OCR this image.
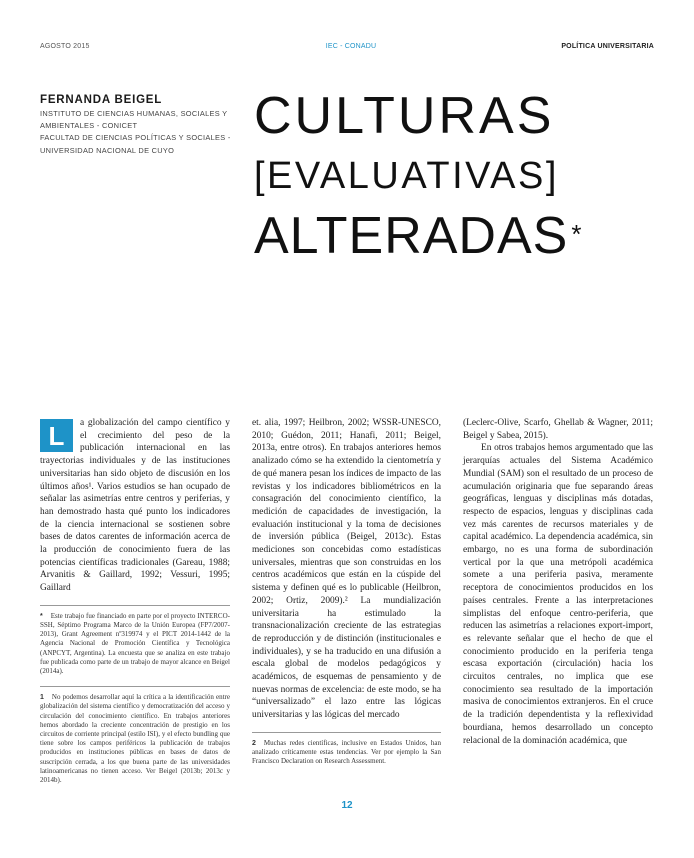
AGOSTO 2015	IEC - CONADU	POLÍTICA UNIVERSITARIA
FERNANDA BEIGEL
INSTITUTO DE CIENCIAS HUMANAS, SOCIALES Y
AMBIENTALES - CONICET
FACULTAD DE CIENCIAS POLÍTICAS Y SOCIALES -
UNIVERSIDAD NACIONAL DE CUYO
CULTURAS
[EVALUATIVAS]
ALTERADAS *

L	a globalización del campo científico y el crecimiento del peso de la publicación internacional en las trayectorias individuales y de las instituciones universitarias han sido objeto de discusión en los últimos años¹. Varios estudios se han ocupado de señalar las asimetrías entre centros y periferias, y han demostrado hasta qué punto los indicadores de la ciencia internacional se sostienen sobre bases de datos carentes de información acerca de la producción de conocimiento fuera de las potencias científicas tradicionales (Gareau, 1988; Arvanitis & Gaillard, 1992; Vessuri, 1995; Gaillard

* Este trabajo fue financiado en parte por el proyecto INTERCO-SSH, Séptimo Programa Marco de la Unión Europea (FP7/2007-2013), Grant Agreement nº319974 y el PICT 2014-1442 de la Agencia Nacional de Promoción Científica y Tecnológica (ANPCYT, Argentina). La encuesta que se analiza en este trabajo fue publicada como parte de un trabajo de mayor alcance en Beigel (2014a).

1 No podemos desarrollar aquí la crítica a la identificación entre globalización del sistema científico y democratización del acceso y circulación del conocimiento científico. En trabajos anteriores hemos abordado la creciente concentración de prestigio en los circuitos de corriente principal (estilo ISI), y el efecto bundling que tiene sobre los campos periféricos la publicación de trabajos producidos en instituciones públicas en bases de datos de suscripción cerrada, a los que buena parte de las universidades latinoamericanas no tienen acceso. Ver Beigel (2013b; 2013c y 2014b).

et. alia, 1997; Heilbron, 2002; WSSR-UNESCO, 2010; Guédon, 2011; Hanafi, 2011; Beigel, 2013a, entre otros). En trabajos anteriores hemos analizado cómo se ha extendido la cientometría y de qué manera pesan los índices de impacto de las revistas y los indicadores bibliométricos en la consagración del conocimiento científico, la medición de capacidades de investigación, la evaluación institucional y la toma de decisiones de inversión pública (Beigel, 2013c). Estas mediciones son concebidas como estadísticas universales, mientras que son construidas en los centros académicos que están en la cúspide del sistema y definen qué es lo publicable (Heilbron, 2002; Ortiz, 2009).² La mundialización universitaria ha estimulado la transnacionalización creciente de las estrategias de reproducción y de distinción (institucionales e individuales), y se ha traducido en una difusión a escala global de modelos pedagógicos y académicos, de esquemas de pensamiento y de nuevas normas de excelencia: de este modo, se ha “universalizado” el lazo entre las lógicas universitarias y las lógicas del mercado

2 Muchas redes científicas, inclusive en Estados Unidos, han analizado críticamente estas tendencias. Ver por ejemplo la San Francisco Declaration on Research Assessment.

(Leclerc-Olive, Scarfo, Ghellab & Wagner, 2011; Beigel y Sabea, 2015).

En otros trabajos hemos argumentado que las jerarquías actuales del Sistema Académico Mundial (SAM) son el resultado de un proceso de acumulación originaria que fue separando áreas geográficas, lenguas y disciplinas más dotadas, respecto de espacios, lenguas y disciplinas cada vez más carentes de recursos materiales y de capital académico. La dependencia académica, sin embargo, no es una forma de subordinación vertical por la que una metrópoli académica somete a una periferia pasiva, meramente receptora de conocimientos producidos en los países centrales. Frente a las interpretaciones simplistas del enfoque centro-periferia, que reducen las asimetrías a relaciones export-import, es relevante señalar que el hecho de que el conocimiento producido en la periferia tenga escasa exportación (circulación) hacia los circuitos centrales, no implica que ese conocimiento sea resultado de la importación masiva de conocimientos extranjeros. En el cruce de la tradición dependentista y la reflexividad bourdiana, hemos desarrollado un concepto relacional de la dominación académica, que

12
